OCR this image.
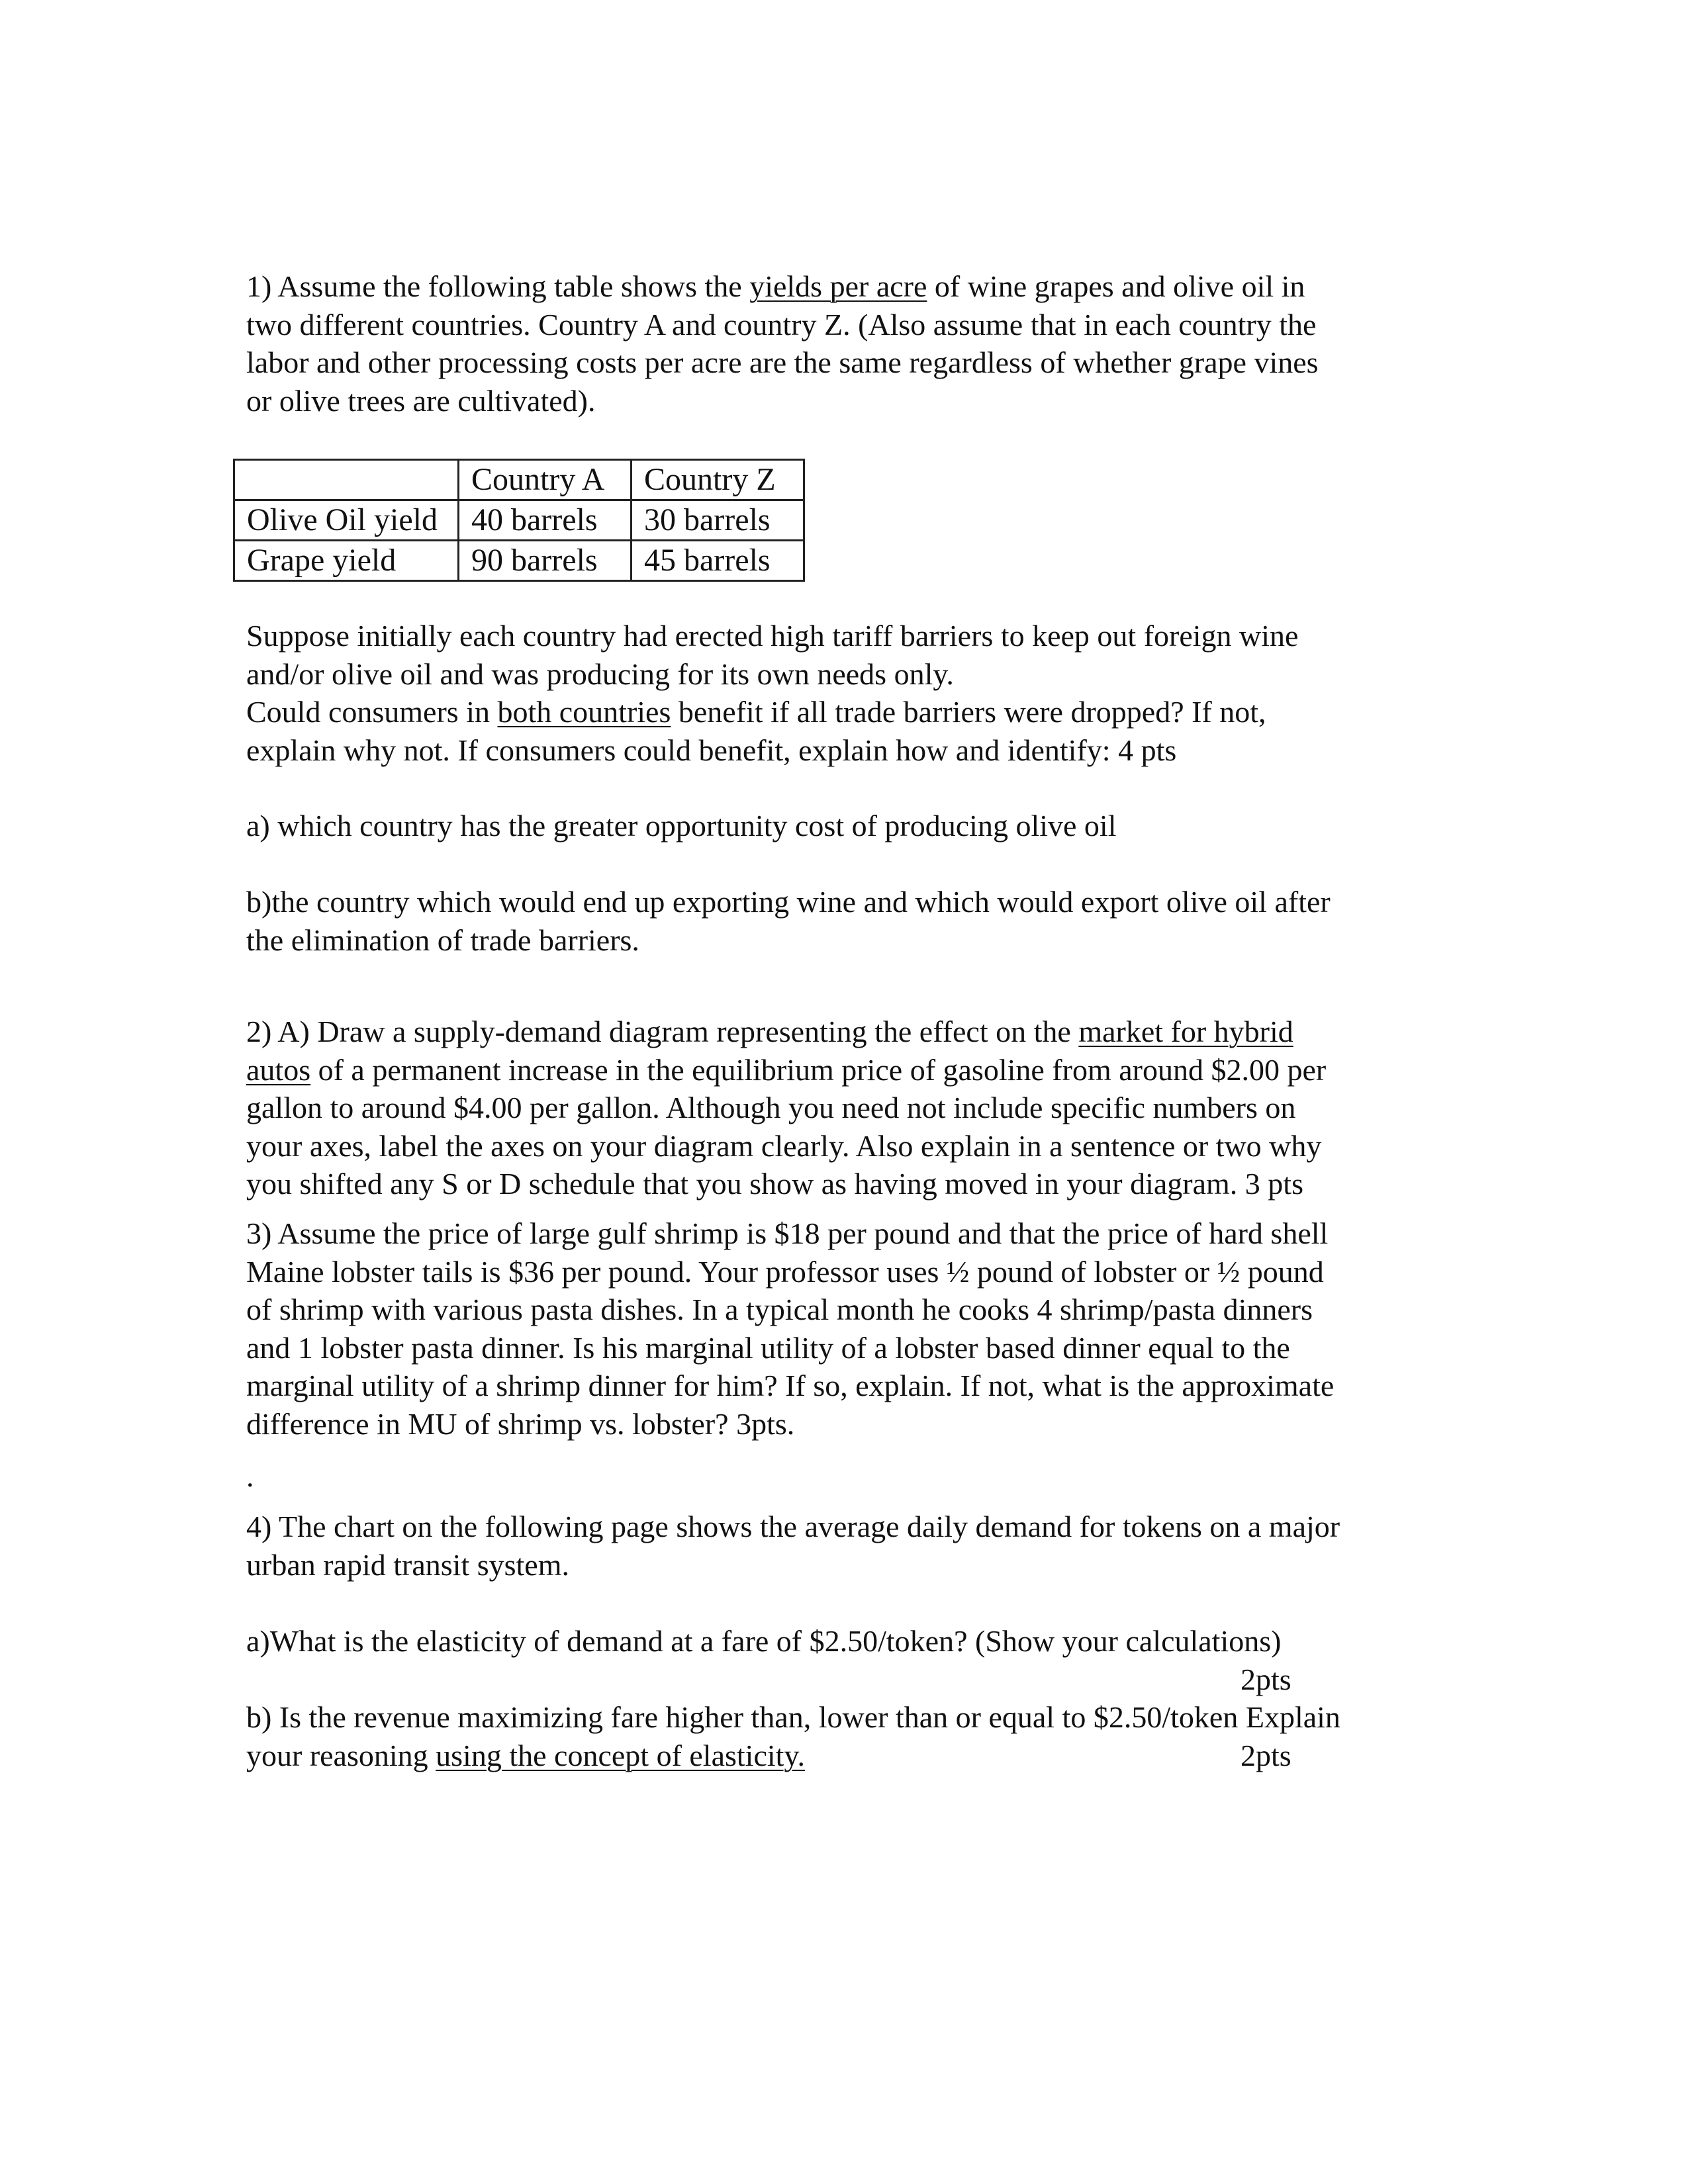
1) Assume the following table shows the yields per acre of wine grapes and olive oil in
two different countries. Country A and country Z. (Also assume that in each country the
labor and other processing costs per acre are the same regardless of whether grape vines
or olive trees are cultivated).
	Country A	Country Z
Olive Oil yield	40 barrels	30 barrels
Grape yield	90 barrels	45 barrels
Suppose initially each country had erected high tariff barriers to keep out foreign wine
and/or olive oil and was producing for its own needs only.
Could consumers in both countries benefit if all trade barriers were dropped? If not,
explain why not. If consumers could benefit, explain how and identify: 4 pts
a) which country has the greater opportunity cost of producing olive oil
b)the country which would end up exporting wine and which would export olive oil after
the elimination of trade barriers.
2) A) Draw a supply-demand diagram representing the effect on the market for hybrid
autos of a permanent increase in the equilibrium price of gasoline from around $2.00 per
gallon to around $4.00 per gallon. Although you need not include specific numbers on
your axes, label the axes on your diagram clearly. Also explain in a sentence or two why
you shifted any S or D schedule that you show as having moved in your diagram. 3 pts
3) Assume the price of large gulf shrimp is $18 per pound and that the price of hard shell
Maine lobster tails is $36 per pound. Your professor uses ½ pound of lobster or ½ pound
of shrimp with various pasta dishes. In a typical month he cooks 4 shrimp/pasta dinners
and 1 lobster pasta dinner. Is his marginal utility of a lobster based dinner equal to the
marginal utility of a shrimp dinner for him? If so, explain. If not, what is the approximate
difference in MU of shrimp vs. lobster? 3pts.
.
4) The chart on the following page shows the average daily demand for tokens on a major
urban rapid transit system.
a)What is the elasticity of demand at a fare of $2.50/token? (Show your calculations)
2pts
b) Is the revenue maximizing fare higher than, lower than or equal to $2.50/token Explain
your reasoning using the concept of elasticity.	2pts
